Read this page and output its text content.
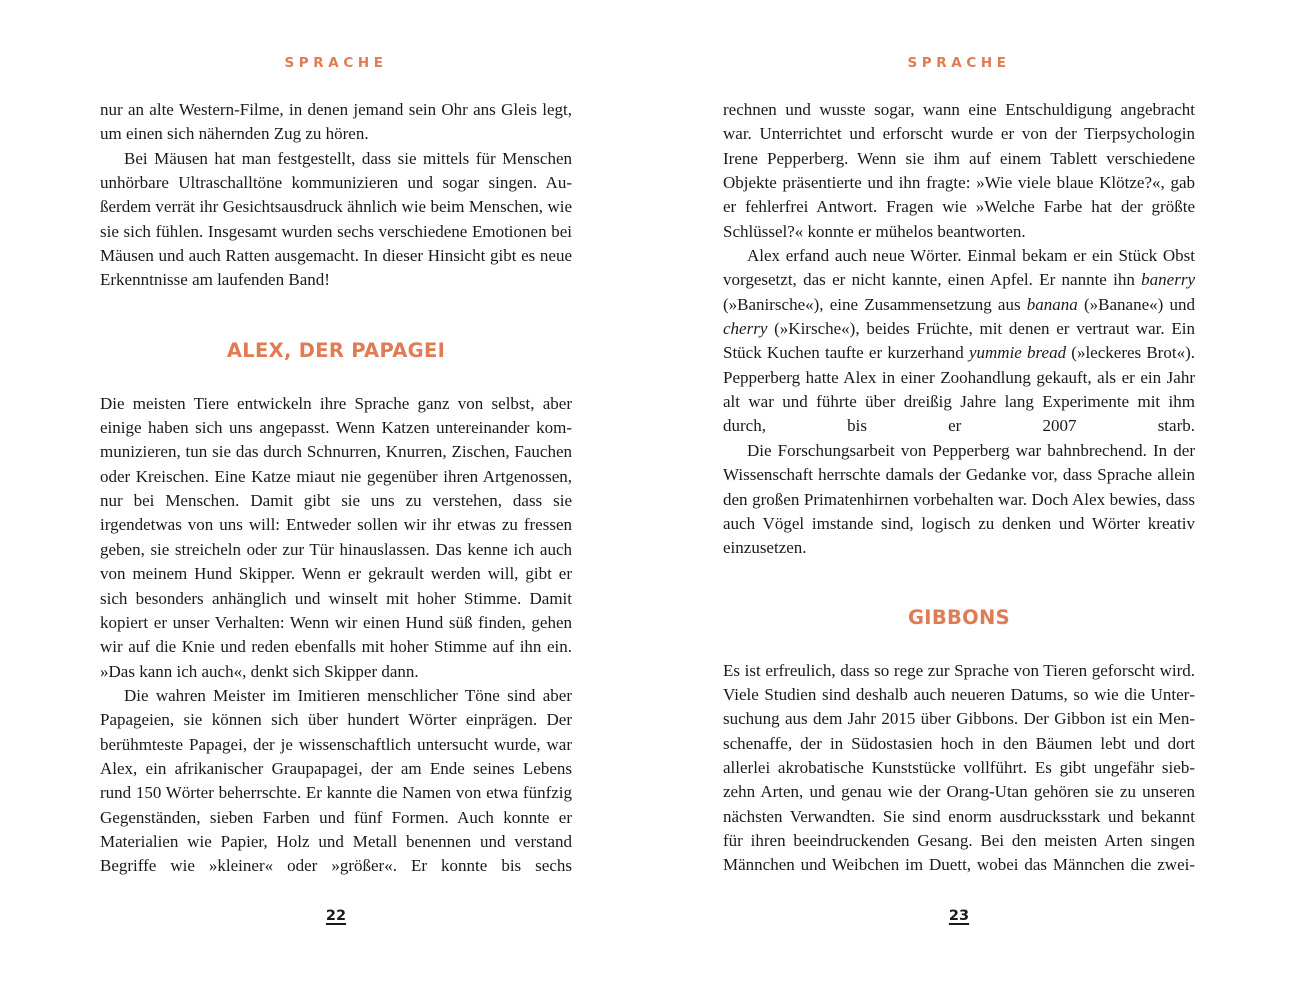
SPRACHE

nur an alte Western-Filme, in denen jemand sein Ohr ans Gleis legt, um einen sich nähernden Zug zu hören.

Bei Mäusen hat man festgestellt, dass sie mittels für Menschen unhörbare Ultraschalltöne kommunizieren und sogar singen. Außerdem verrät ihr Gesichtsausdruck ähnlich wie beim Menschen, wie sie sich fühlen. Insgesamt wurden sechs verschiedene Emotionen bei Mäusen und auch Ratten ausgemacht. In dieser Hinsicht gibt es neue Erkenntnisse am laufenden Band!

ALEX, DER PAPAGEI

Die meisten Tiere entwickeln ihre Sprache ganz von selbst, aber einige haben sich uns angepasst. Wenn Katzen untereinander kommunizieren, tun sie das durch Schnurren, Knurren, Zischen, Fauchen oder Kreischen. Eine Katze miaut nie gegenüber ihren Artgenossen, nur bei Menschen. Damit gibt sie uns zu verstehen, dass sie irgendetwas von uns will: Entweder sollen wir ihr etwas zu fressen geben, sie streicheln oder zur Tür hinauslassen. Das kenne ich auch von meinem Hund Skipper. Wenn er gekrault werden will, gibt er sich besonders anhänglich und winselt mit hoher Stimme. Damit kopiert er unser Verhalten: Wenn wir einen Hund süß finden, gehen wir auf die Knie und reden ebenfalls mit hoher Stimme auf ihn ein. »Das kann ich auch«, denkt sich Skipper dann.

Die wahren Meister im Imitieren menschlicher Töne sind aber Papageien, sie können sich über hundert Wörter einprägen. Der berühmteste Papagei, der je wissenschaftlich untersucht wurde, war Alex, ein afrikanischer Graupapagei, der am Ende seines Lebens rund 150 Wörter beherrschte. Er kannte die Namen von etwa fünfzig Gegenständen, sieben Farben und fünf Formen. Auch konnte er Materialien wie Papier, Holz und Metall benennen und verstand Begriffe wie »kleiner« oder »größer«. Er konnte bis sechs

22
SPRACHE

rechnen und wusste sogar, wann eine Entschuldigung angebracht war. Unterrichtet und erforscht wurde er von der Tierpsychologin Irene Pepperberg. Wenn sie ihm auf einem Tablett verschiedene Objekte präsentierte und ihn fragte: »Wie viele blaue Klötze?«, gab er fehlerfrei Antwort. Fragen wie »Welche Farbe hat der größte Schlüssel?« konnte er mühelos beantworten.

Alex erfand auch neue Wörter. Einmal bekam er ein Stück Obst vorgesetzt, das er nicht kannte, einen Apfel. Er nannte ihn banerry (»Banirsche«), eine Zusammensetzung aus banana (»Banane«) und cherry (»Kirsche«), beides Früchte, mit denen er vertraut war. Ein Stück Kuchen taufte er kurzerhand yummie bread (»leckeres Brot«). Pepperberg hatte Alex in einer Zoohandlung gekauft, als er ein Jahr alt war und führte über dreißig Jahre lang Experimente mit ihm durch, bis er 2007 starb.

Die Forschungsarbeit von Pepperberg war bahnbrechend. In der Wissenschaft herrschte damals der Gedanke vor, dass Sprache allein den großen Primatenhirnen vorbehalten war. Doch Alex bewies, dass auch Vögel imstande sind, logisch zu denken und Wörter kreativ einzusetzen.

GIBBONS

Es ist erfreulich, dass so rege zur Sprache von Tieren geforscht wird. Viele Studien sind deshalb auch neueren Datums, so wie die Untersuchung aus dem Jahr 2015 über Gibbons. Der Gibbon ist ein Menschenaffe, der in Südostasien hoch in den Bäumen lebt und dort allerlei akrobatische Kunststücke vollführt. Es gibt ungefähr siebzehn Arten, und genau wie der Orang-Utan gehören sie zu unseren nächsten Verwandten. Sie sind enorm ausdrucksstark und bekannt für ihren beeindruckenden Gesang. Bei den meisten Arten singen Männchen und Weibchen im Duett, wobei das Männchen die zwei-

23
